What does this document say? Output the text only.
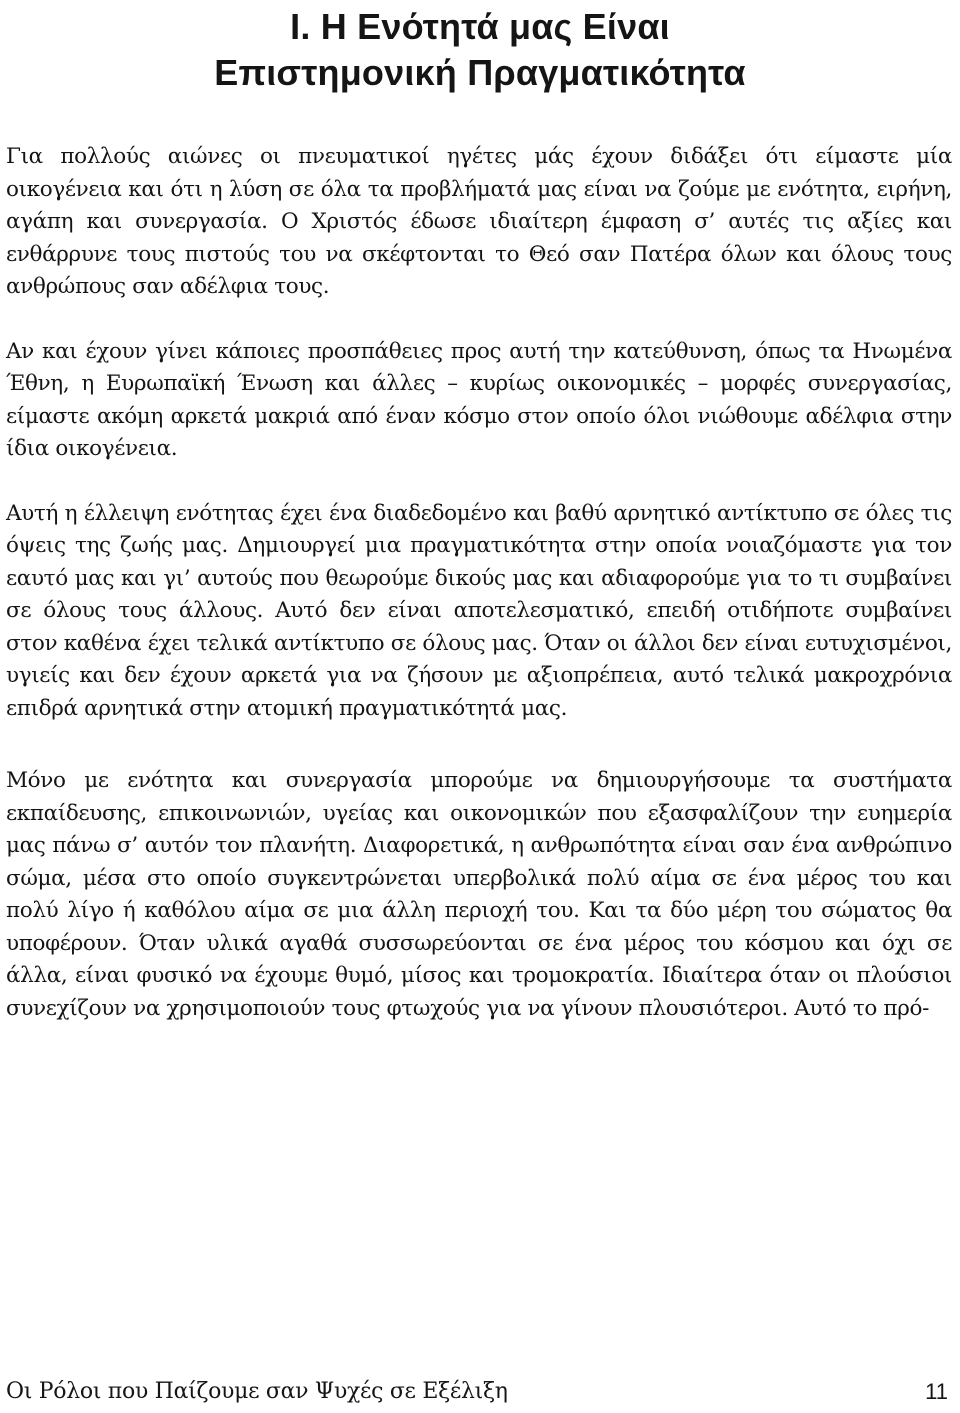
I. Η Ενότητά μας Είναι
Επιστημονική Πραγματικότητα

Για πολλούς αιώνες οι πνευματικοί ηγέτες μάς έχουν διδάξει ότι είμαστε μία οικογένεια και ότι η λύση σε όλα τα προβλήματά μας είναι να ζούμε με ενότητα, ειρήνη, αγάπη και συνεργασία. Ο Χριστός έδωσε ιδιαίτερη έμφαση σ’ αυτές τις αξίες και ενθάρρυνε τους πιστούς του να σκέφτονται το Θεό σαν Πατέρα όλων και όλους τους ανθρώπους σαν αδέλφια τους.

Αν και έχουν γίνει κάποιες προσπάθειες προς αυτή την κατεύθυνση, όπως τα Ηνωμένα Έθνη, η Ευρωπαϊκή Ένωση και άλλες – κυρίως οικονομικές – μορφές συνεργασίας, είμαστε ακόμη αρκετά μακριά από έναν κόσμο στον οποίο όλοι νιώθουμε αδέλφια στην ίδια οικογένεια.

Αυτή η έλλειψη ενότητας έχει ένα διαδεδομένο και βαθύ αρνητικό αντίκτυπο σε όλες τις όψεις της ζωής μας. Δημιουργεί μια πραγματικότητα στην οποία νοιαζόμαστε για τον εαυτό μας και γι’ αυτούς που θεωρούμε δικούς μας και αδιαφορούμε για το τι συμβαίνει σε όλους τους άλλους. Αυτό δεν είναι αποτελεσματικό, επειδή οτιδήποτε συμβαίνει στον καθένα έχει τελικά αντίκτυπο σε όλους μας. Όταν οι άλλοι δεν είναι ευτυχισμένοι, υγιείς και δεν έχουν αρκετά για να ζήσουν με αξιοπρέπεια, αυτό τελικά μακροχρόνια επιδρά αρνητικά στην ατομική πραγματικότητά μας.

Μόνο με ενότητα και συνεργασία μπορούμε να δημιουργήσουμε τα συστήματα εκπαίδευσης, επικοινωνιών, υγείας και οικονομικών που εξασφαλίζουν την ευημερία μας πάνω σ’ αυτόν τον πλανήτη. Διαφορετικά, η ανθρωπότητα είναι σαν ένα ανθρώπινο σώμα, μέσα στο οποίο συγκεντρώνεται υπερβολικά πολύ αίμα σε ένα μέρος του και πολύ λίγο ή καθόλου αίμα σε μια άλλη περιοχή του. Και τα δύο μέρη του σώματος θα υποφέρουν. Όταν υλικά αγαθά συσσωρεύονται σε ένα μέρος του κόσμου και όχι σε άλλα, είναι φυσικό να έχουμε θυμό, μίσος και τρομοκρατία. Ιδιαίτερα όταν οι πλούσιοι συνεχίζουν να χρησιμοποιούν τους φτωχούς για να γίνουν πλουσιότεροι. Αυτό το πρό-

Οι Ρόλοι που Παίζουμε σαν Ψυχές σε Εξέλιξη	11
